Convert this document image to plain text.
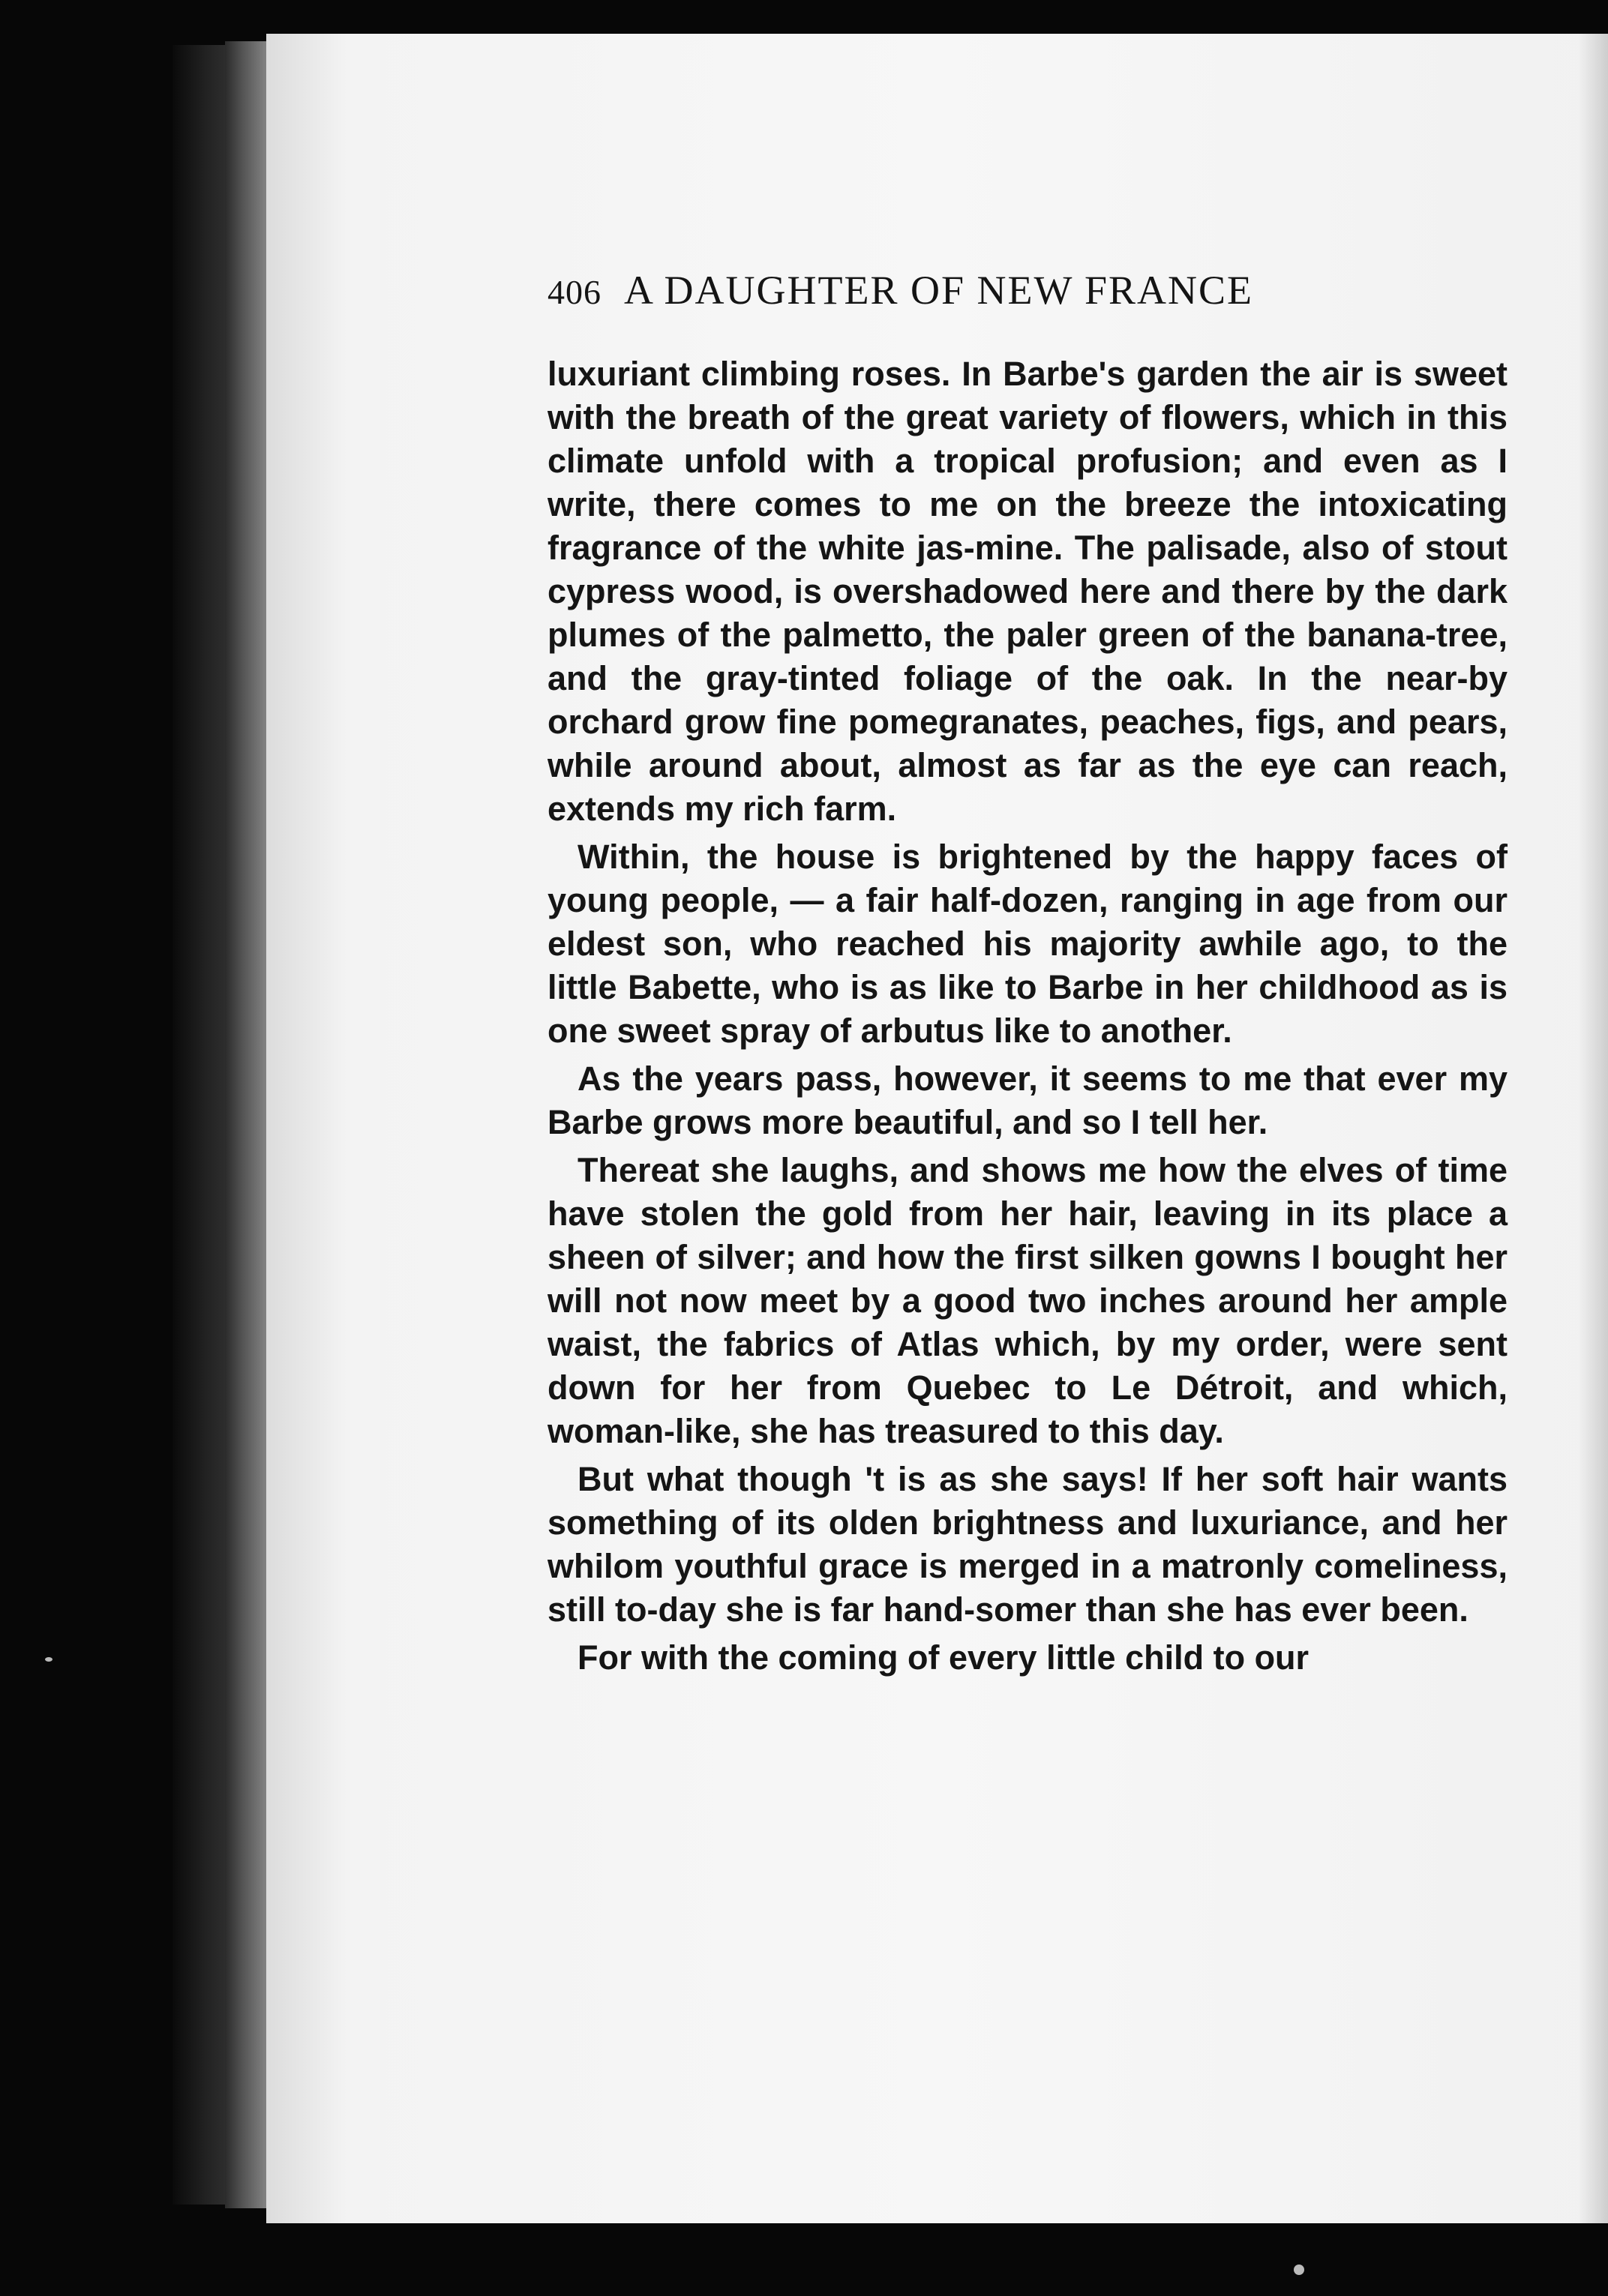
406 A DAUGHTER OF NEW FRANCE

luxuriant climbing roses. In Barbe's garden the air is sweet with the breath of the great variety of flowers, which in this climate unfold with a tropical profusion; and even as I write, there comes to me on the breeze the intoxicating fragrance of the white jas-mine. The palisade, also of stout cypress wood, is overshadowed here and there by the dark plumes of the palmetto, the paler green of the banana-tree, and the gray-tinted foliage of the oak. In the near-by orchard grow fine pomegranates, peaches, figs, and pears, while around about, almost as far as the eye can reach, extends my rich farm.

Within, the house is brightened by the happy faces of young people, — a fair half-dozen, ranging in age from our eldest son, who reached his majority awhile ago, to the little Babette, who is as like to Barbe in her childhood as is one sweet spray of arbutus like to another.

As the years pass, however, it seems to me that ever my Barbe grows more beautiful, and so I tell her.

Thereat she laughs, and shows me how the elves of time have stolen the gold from her hair, leaving in its place a sheen of silver; and how the first silken gowns I bought her will not now meet by a good two inches around her ample waist, the fabrics of Atlas which, by my order, were sent down for her from Quebec to Le Détroit, and which, woman-like, she has treasured to this day.

But what though 't is as she says! If her soft hair wants something of its olden brightness and luxuriance, and her whilom youthful grace is merged in a matronly comeliness, still to-day she is far hand-somer than she has ever been.

For with the coming of every little child to our
